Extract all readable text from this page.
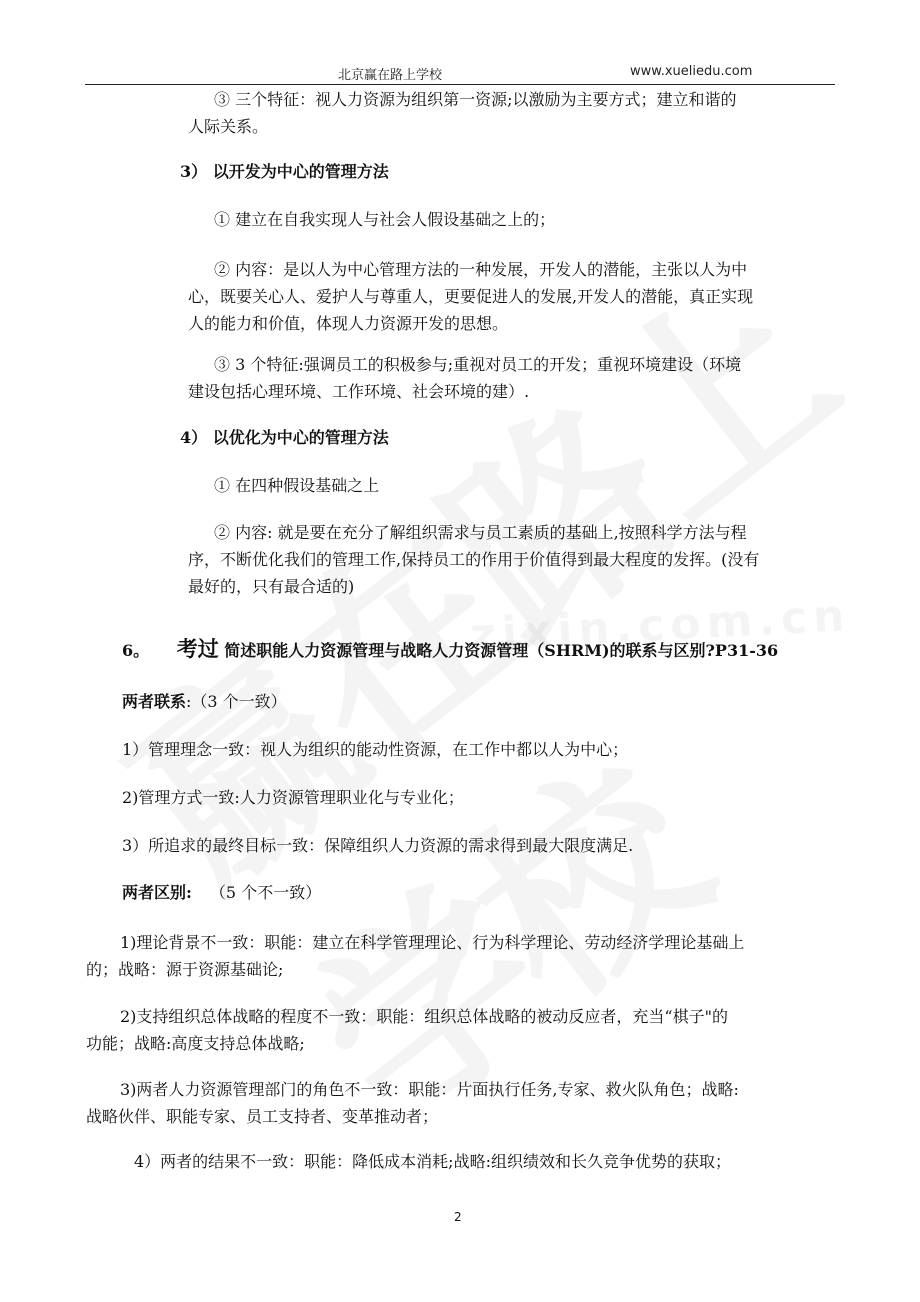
北京赢在路上学校	www.xueliedu.com
③ 三个特征：视人力资源为组织第一资源;以激励为主要方式；建立和谐的
人际关系。
3） 以开发为中心的管理方法
① 建立在自我实现人与社会人假设基础之上的；
② 内容：是以人为中心管理方法的一种发展，开发人的潜能，主张以人为中
心，既要关心人、爱护人与尊重人，更要促进人的发展,开发人的潜能，真正实现
人的能力和价值，体现人力资源开发的思想。
③ 3 个特征:强调员工的积极参与;重视对员工的开发；重视环境建设（环境
建设包括心理环境、工作环境、社会环境的建）.
4） 以优化为中心的管理方法
① 在四种假设基础之上
② 内容: 就是要在充分了解组织需求与员工素质的基础上,按照科学方法与程
序，不断优化我们的管理工作,保持员工的作用于价值得到最大程度的发挥。(没有
最好的，只有最合适的)
6。 考过 简述职能人力资源管理与战略人力资源管理（SHRM)的联系与区别?P31-36
两者联系:（3 个一致）
1）管理理念一致：视人为组织的能动性资源，在工作中都以人为中心；
2)管理方式一致:人力资源管理职业化与专业化；
3）所追求的最终目标一致：保障组织人力资源的需求得到最大限度满足.
两者区别: （5 个不一致）
1)理论背景不一致：职能：建立在科学管理理论、行为科学理论、劳动经济学理论基础上
的；战略：源于资源基础论;
2)支持组织总体战略的程度不一致：职能：组织总体战略的被动反应者，充当“棋子"的
功能；战略:高度支持总体战略;
3)两者人力资源管理部门的角色不一致：职能：片面执行任务,专家、救火队角色；战略:
战略伙伴、职能专家、员工支持者、变革推动者；
4）两者的结果不一致：职能：降低成本消耗;战略:组织绩效和长久竞争优势的获取；
2
